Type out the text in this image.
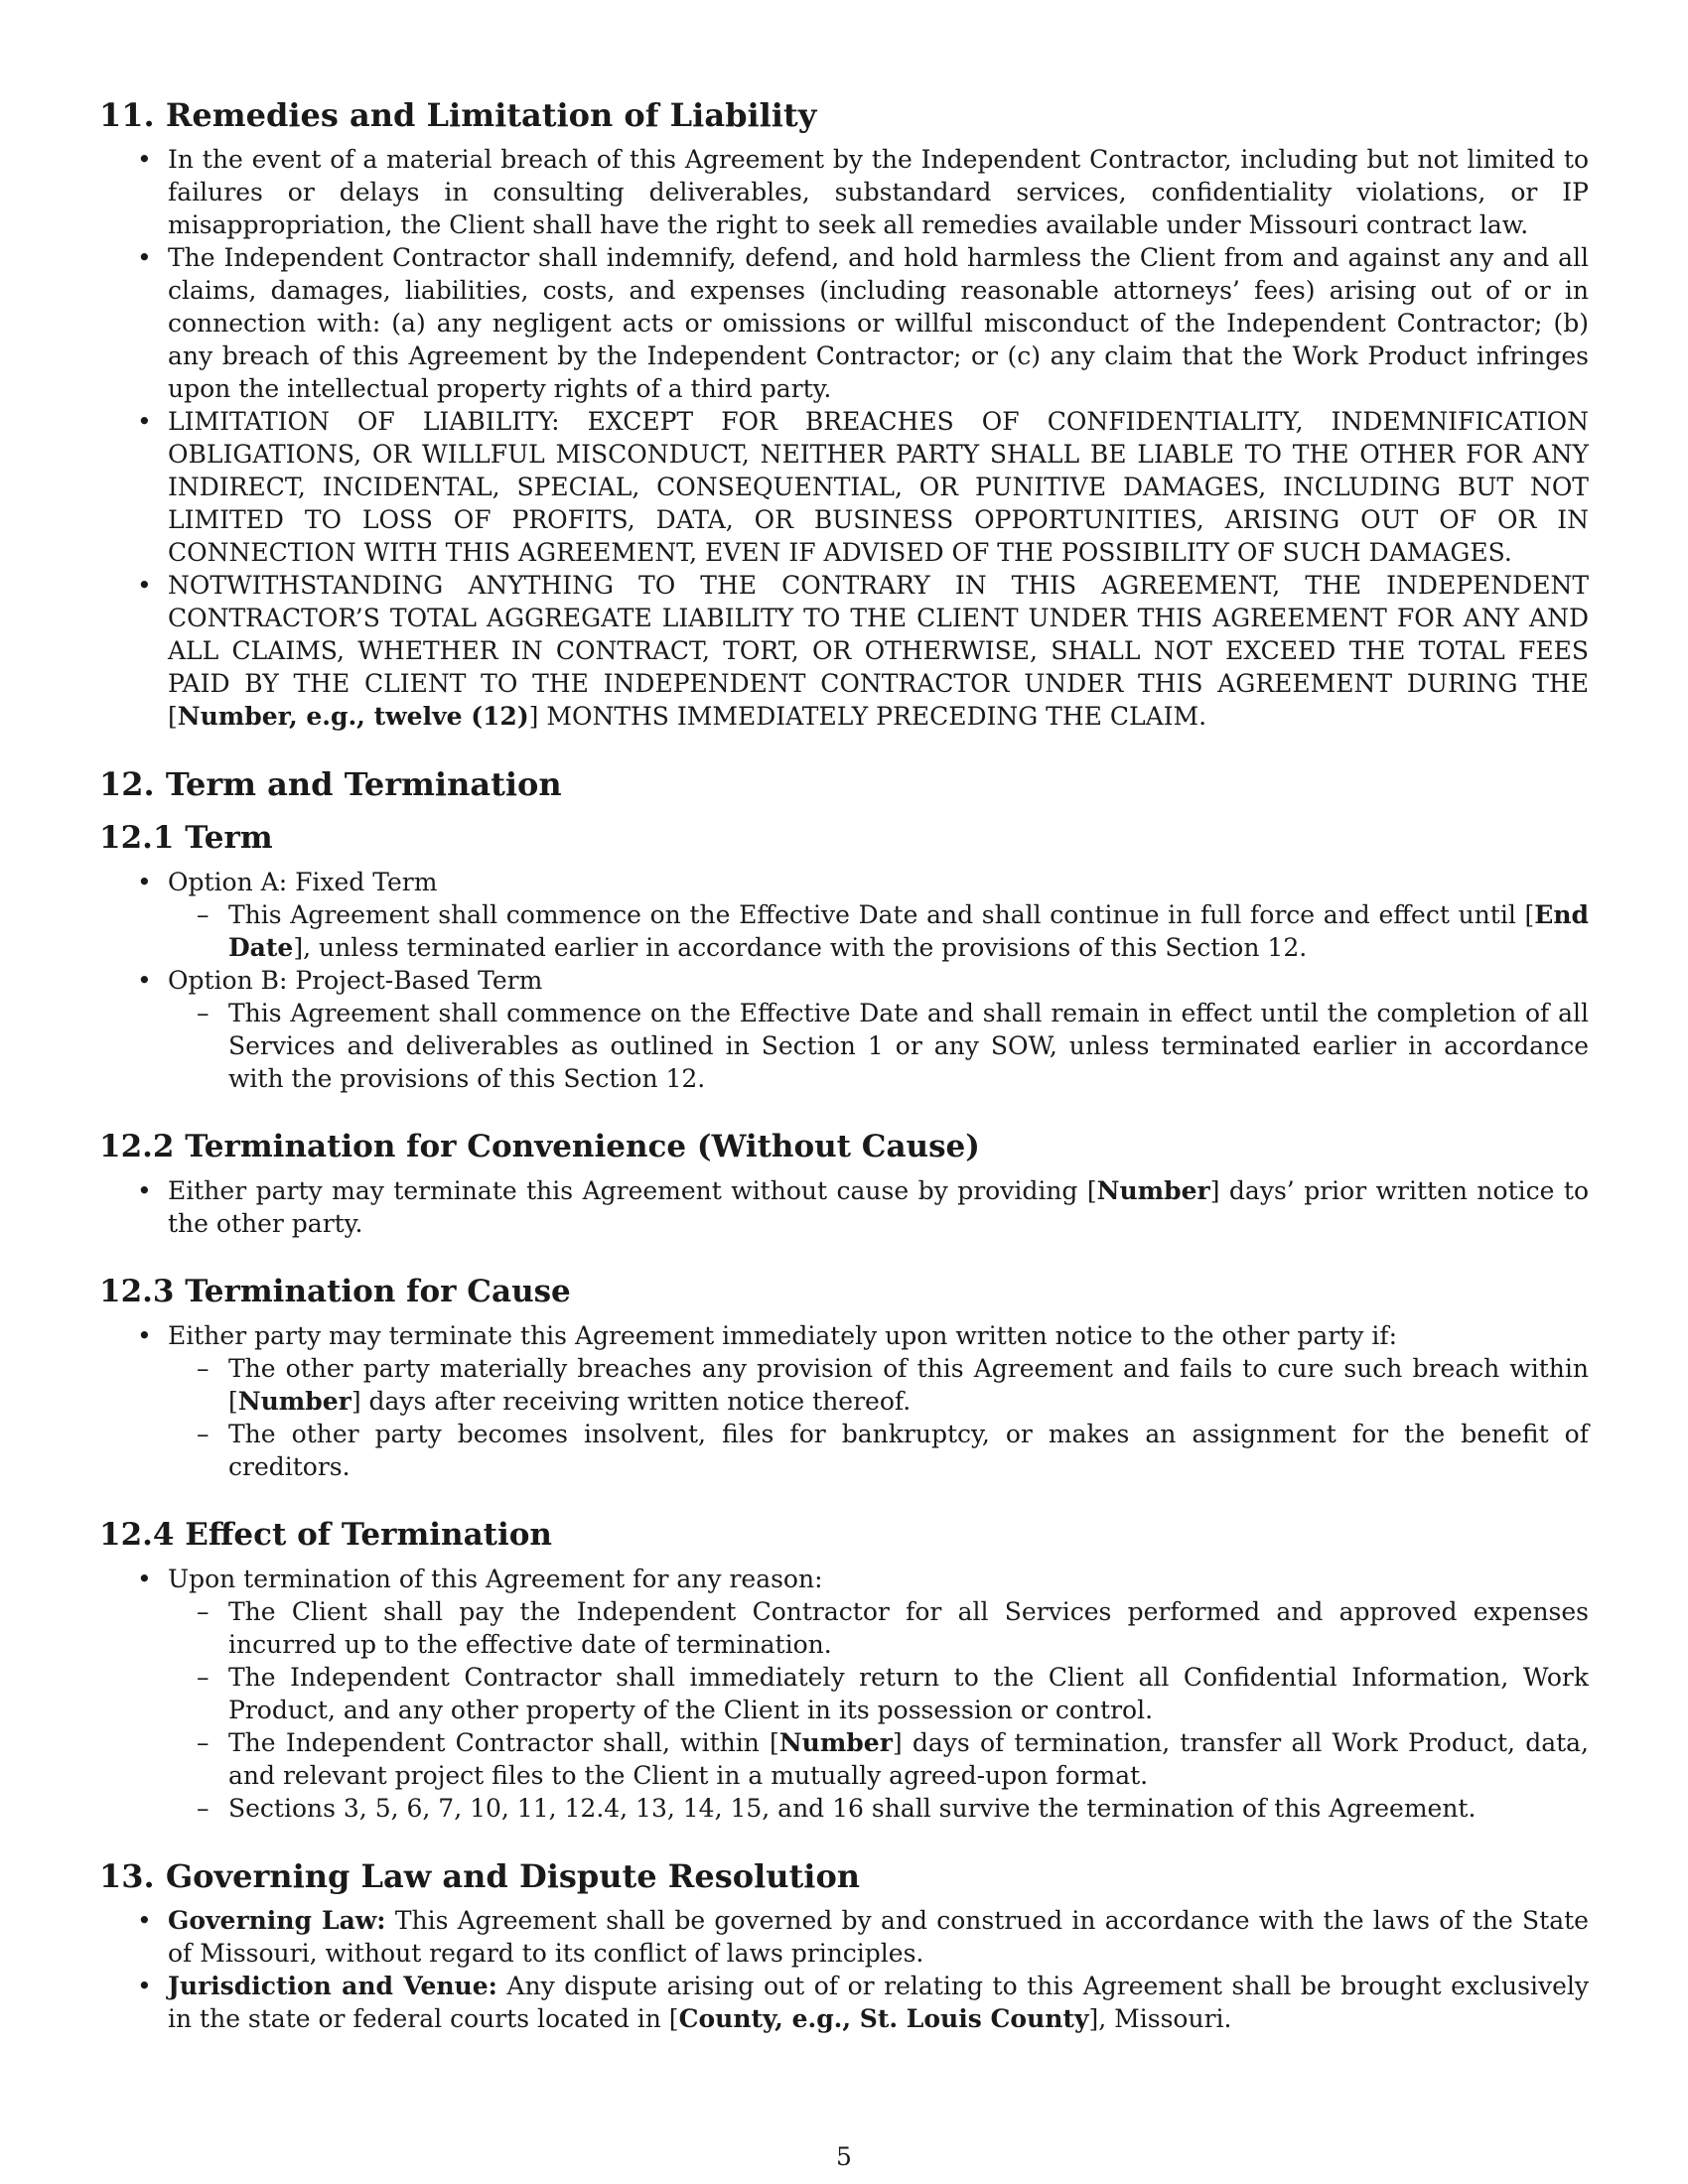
11. Remedies and Limitation of Liability
• In the event of a material breach of this Agreement by the Independent Contractor, including but not limited to failures or delays in consulting deliverables, substandard services, confidentiality violations, or IP misappropriation, the Client shall have the right to seek all remedies available under Missouri contract law.
• The Independent Contractor shall indemnify, defend, and hold harmless the Client from and against any and all claims, damages, liabilities, costs, and expenses (including reasonable attorneys’ fees) arising out of or in connection with: (a) any negligent acts or omissions or willful misconduct of the Independent Contractor; (b) any breach of this Agreement by the Independent Contractor; or (c) any claim that the Work Product infringes upon the intellectual property rights of a third party.
• LIMITATION OF LIABILITY: EXCEPT FOR BREACHES OF CONFIDENTIALITY, INDEMNIFICATION OBLIGATIONS, OR WILLFUL MISCONDUCT, NEITHER PARTY SHALL BE LIABLE TO THE OTHER FOR ANY INDIRECT, INCIDENTAL, SPECIAL, CONSEQUENTIAL, OR PUNITIVE DAMAGES, INCLUDING BUT NOT LIMITED TO LOSS OF PROFITS, DATA, OR BUSINESS OPPORTUNITIES, ARISING OUT OF OR IN CONNECTION WITH THIS AGREEMENT, EVEN IF ADVISED OF THE POSSIBILITY OF SUCH DAMAGES.
• NOTWITHSTANDING ANYTHING TO THE CONTRARY IN THIS AGREEMENT, THE INDEPENDENT CONTRACTOR’S TOTAL AGGREGATE LIABILITY TO THE CLIENT UNDER THIS AGREEMENT FOR ANY AND ALL CLAIMS, WHETHER IN CONTRACT, TORT, OR OTHERWISE, SHALL NOT EXCEED THE TOTAL FEES PAID BY THE CLIENT TO THE INDEPENDENT CONTRACTOR UNDER THIS AGREEMENT DURING THE [Number, e.g., twelve (12)] MONTHS IMMEDIATELY PRECEDING THE CLAIM.
12. Term and Termination
12.1 Term
• Option A: Fixed Term
– This Agreement shall commence on the Effective Date and shall continue in full force and effect until [End Date], unless terminated earlier in accordance with the provisions of this Section 12.
• Option B: Project-Based Term
– This Agreement shall commence on the Effective Date and shall remain in effect until the completion of all Services and deliverables as outlined in Section 1 or any SOW, unless terminated earlier in accordance with the provisions of this Section 12.
12.2 Termination for Convenience (Without Cause)
• Either party may terminate this Agreement without cause by providing [Number] days’ prior written notice to the other party.
12.3 Termination for Cause
• Either party may terminate this Agreement immediately upon written notice to the other party if:
– The other party materially breaches any provision of this Agreement and fails to cure such breach within [Number] days after receiving written notice thereof.
– The other party becomes insolvent, files for bankruptcy, or makes an assignment for the benefit of creditors.
12.4 Effect of Termination
• Upon termination of this Agreement for any reason:
– The Client shall pay the Independent Contractor for all Services performed and approved expenses incurred up to the effective date of termination.
– The Independent Contractor shall immediately return to the Client all Confidential Information, Work Product, and any other property of the Client in its possession or control.
– The Independent Contractor shall, within [Number] days of termination, transfer all Work Product, data, and relevant project files to the Client in a mutually agreed-upon format.
– Sections 3, 5, 6, 7, 10, 11, 12.4, 13, 14, 15, and 16 shall survive the termination of this Agreement.
13. Governing Law and Dispute Resolution
• Governing Law: This Agreement shall be governed by and construed in accordance with the laws of the State of Missouri, without regard to its conflict of laws principles.
• Jurisdiction and Venue: Any dispute arising out of or relating to this Agreement shall be brought exclusively in the state or federal courts located in [County, e.g., St. Louis County], Missouri.
5
